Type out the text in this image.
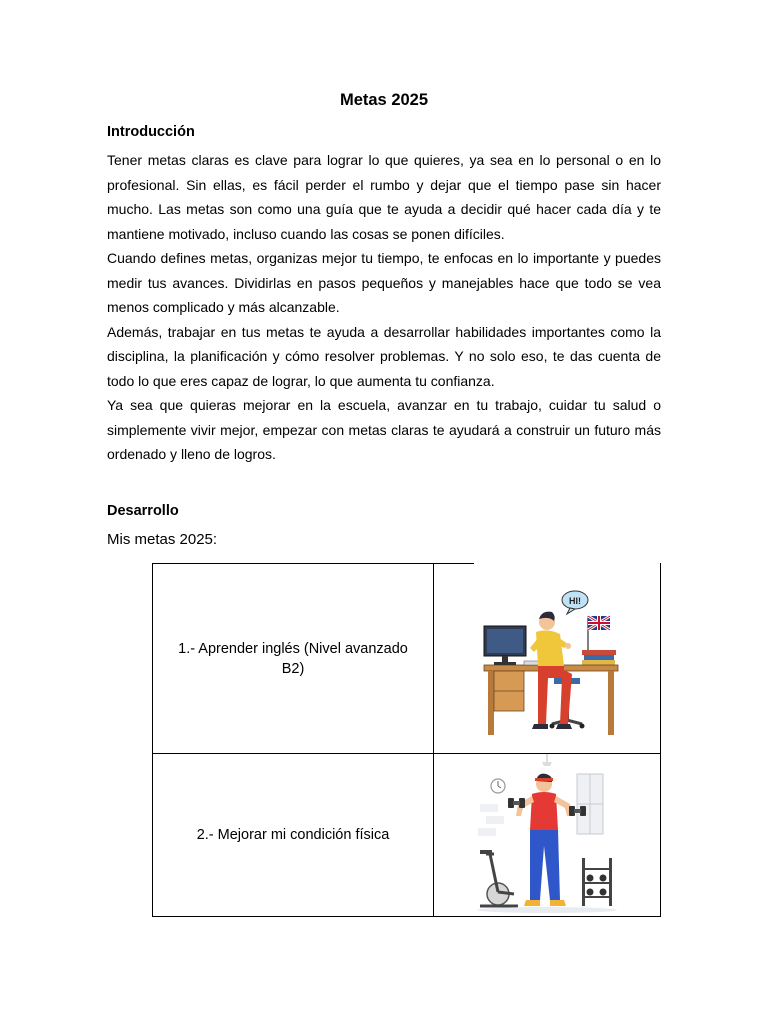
Metas 2025
Introducción

Tener metas claras es clave para lograr lo que quieres, ya sea en lo personal o en lo profesional. Sin ellas, es fácil perder el rumbo y dejar que el tiempo pase sin hacer mucho. Las metas son como una guía que te ayuda a decidir qué hacer cada día y te mantiene motivado, incluso cuando las cosas se ponen difíciles.

Cuando defines metas, organizas mejor tu tiempo, te enfocas en lo importante y puedes medir tus avances. Dividirlas en pasos pequeños y manejables hace que todo se vea menos complicado y más alcanzable.

Además, trabajar en tus metas te ayuda a desarrollar habilidades importantes como la disciplina, la planificación y cómo resolver problemas. Y no solo eso, te das cuenta de todo lo que eres capaz de lograr, lo que aumenta tu confianza.

Ya sea que quieras mejorar en la escuela, avanzar en tu trabajo, cuidar tu salud o simplemente vivir mejor, empezar con metas claras te ayudará a construir un futuro más ordenado y lleno de logros.

Desarrollo
Mis metas 2025:
1.- Aprender inglés (Nivel avanzado B2)	HI!

2.- Mejorar mi condición física	
